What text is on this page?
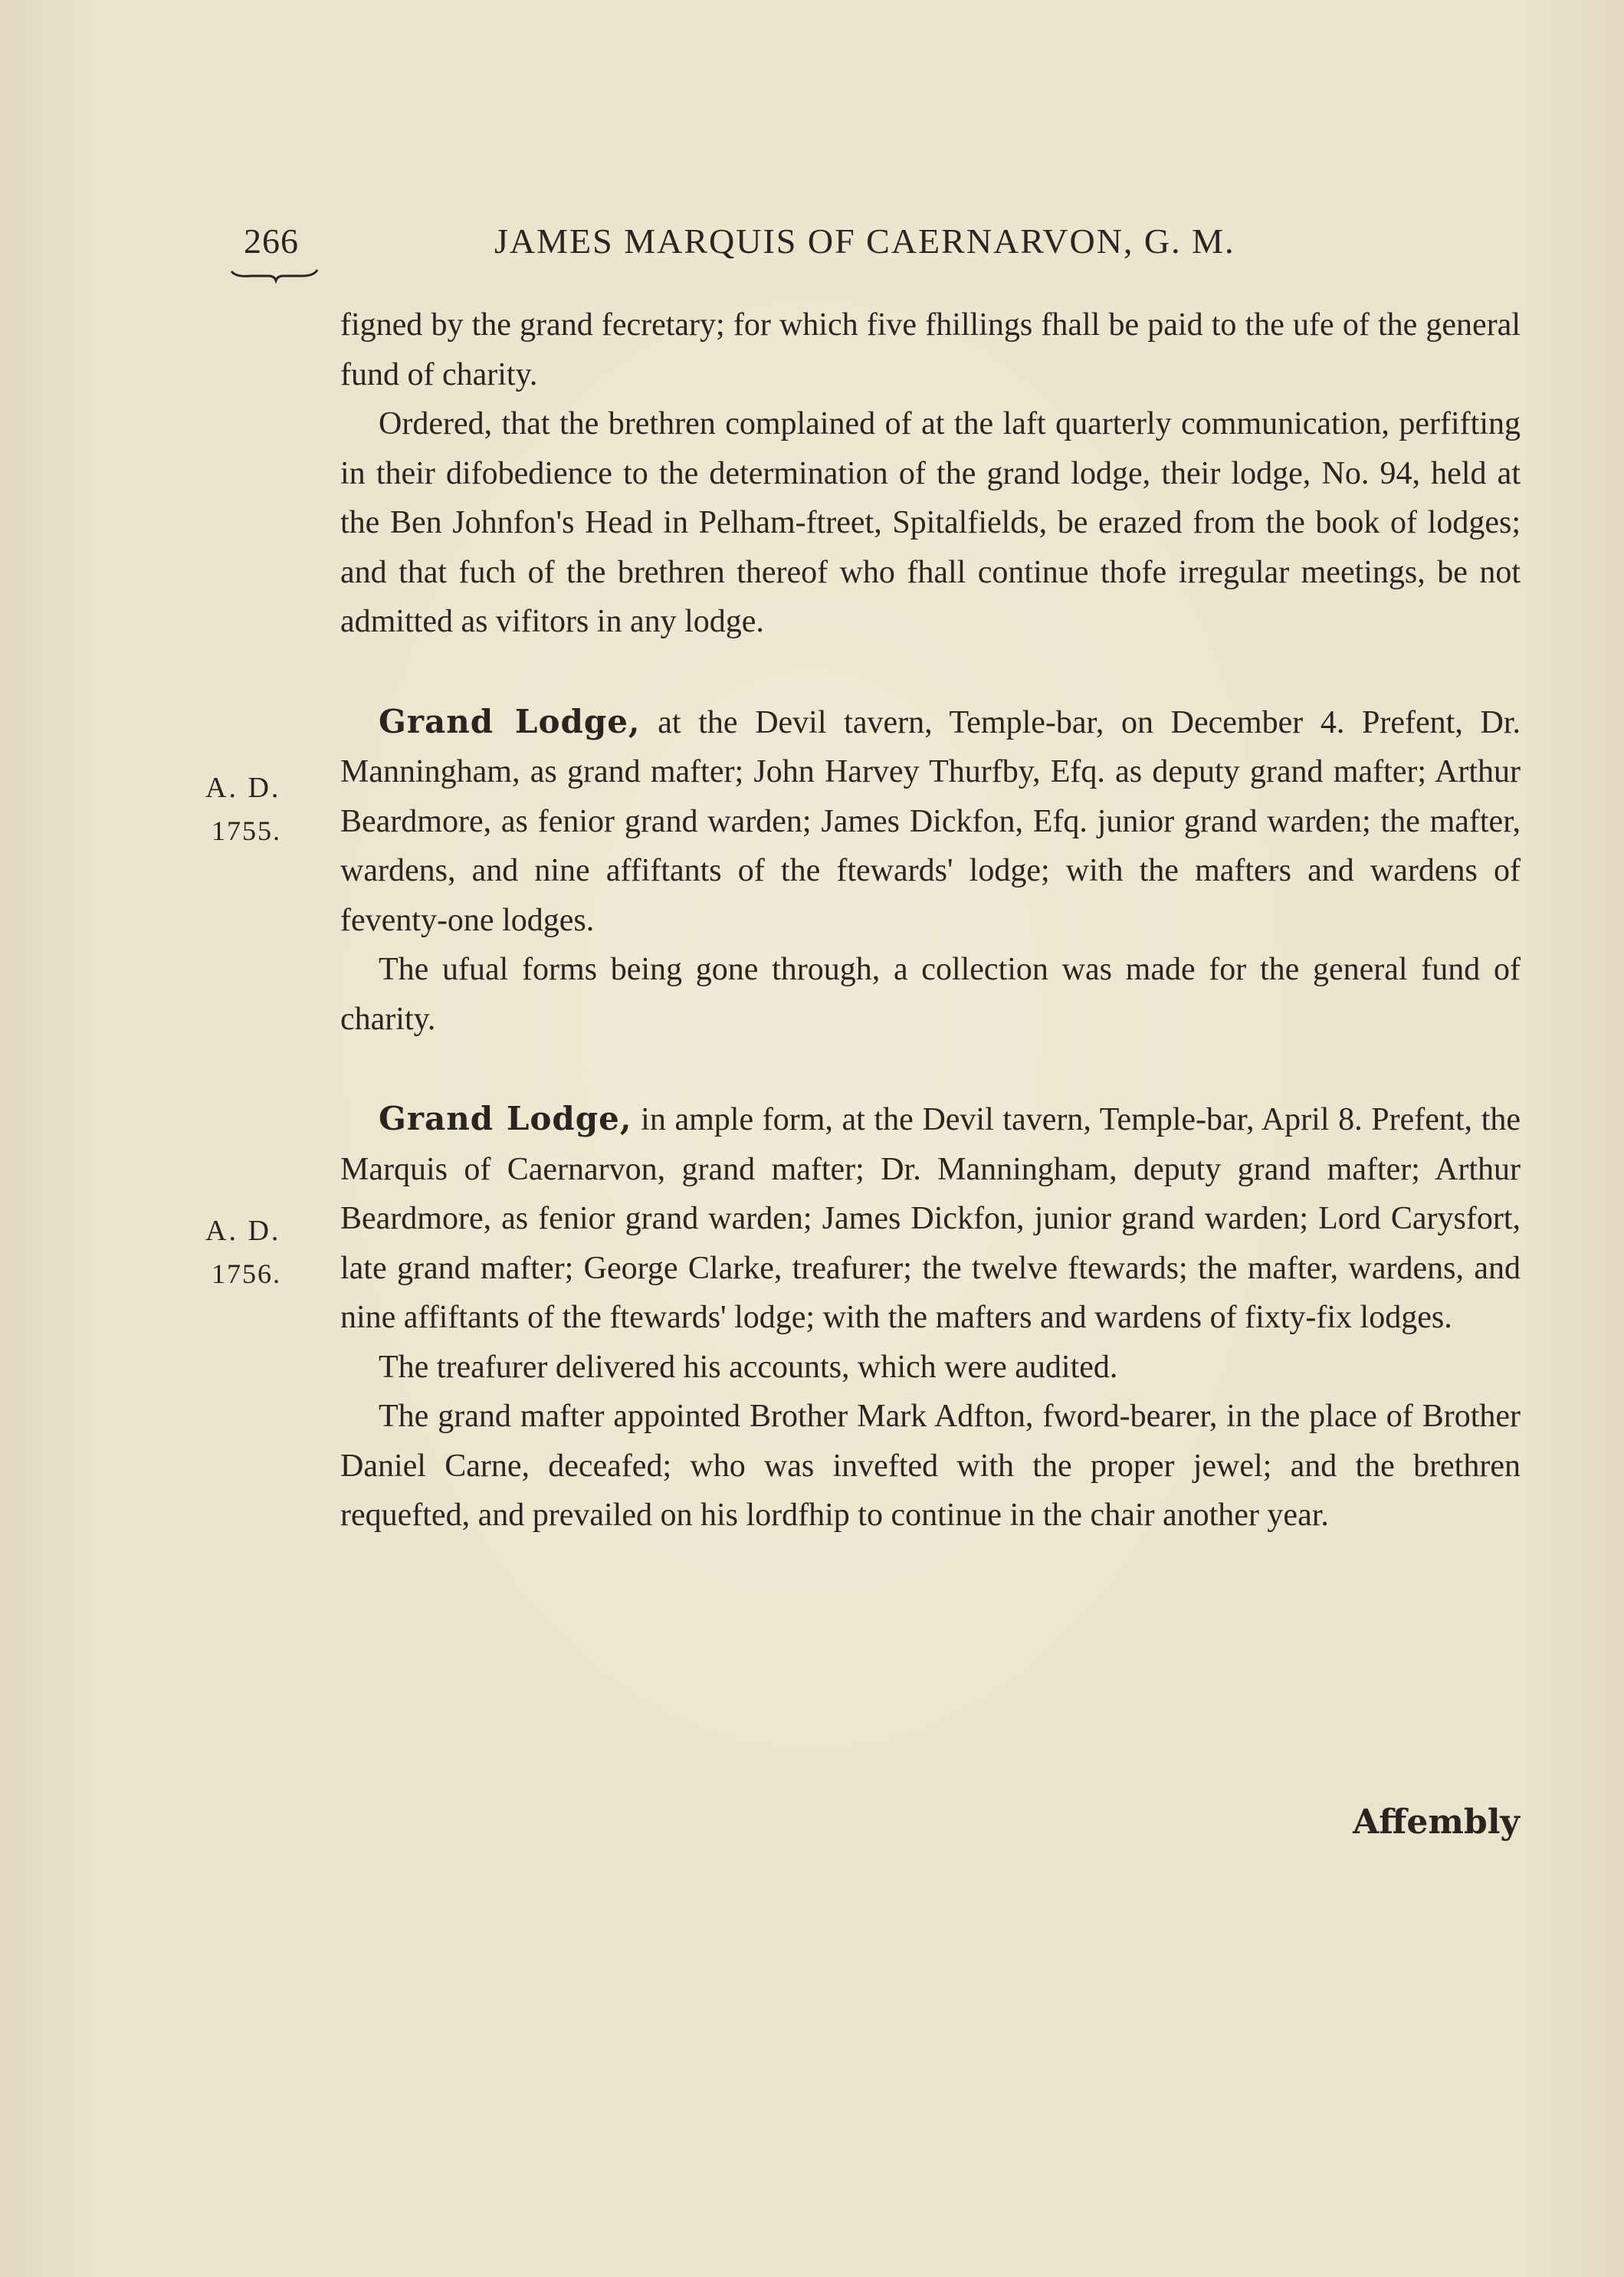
266	JAMES MARQUIS OF CAERNARVON, G. M.
A. D.
1755.
A. D.
1756.

figned by the grand fecretary; for which five fhillings fhall be paid to the ufe of the general fund of charity.

Ordered, that the brethren complained of at the laft quarterly communication, perfifting in their difobedience to the determination of the grand lodge, their lodge, No. 94, held at the Ben Johnfon's Head in Pelham-ftreet, Spitalfields, be erazed from the book of lodges; and that fuch of the brethren thereof who fhall continue thofe irregular meetings, be not admitted as vifitors in any lodge.

Grand Lodge, at the Devil tavern, Temple-bar, on December 4. Prefent, Dr. Manningham, as grand mafter; John Harvey Thurfby, Efq. as deputy grand mafter; Arthur Beardmore, as fenior grand warden; James Dickfon, Efq. junior grand warden; the mafter, wardens, and nine affiftants of the ftewards' lodge; with the mafters and wardens of feventy-one lodges.

The ufual forms being gone through, a collection was made for the general fund of charity.

Grand Lodge, in ample form, at the Devil tavern, Temple-bar, April 8. Prefent, the Marquis of Caernarvon, grand mafter; Dr. Manningham, deputy grand mafter; Arthur Beardmore, as fenior grand warden; James Dickfon, junior grand warden; Lord Carysfort, late grand mafter; George Clarke, treafurer; the twelve ftewards; the mafter, wardens, and nine affiftants of the ftewards' lodge; with the mafters and wardens of fixty-fix lodges.

The treafurer delivered his accounts, which were audited.

The grand mafter appointed Brother Mark Adfton, fword-bearer, in the place of Brother Daniel Carne, deceafed; who was invefted with the proper jewel; and the brethren requefted, and prevailed on his lordfhip to continue in the chair another year.

Affembly
